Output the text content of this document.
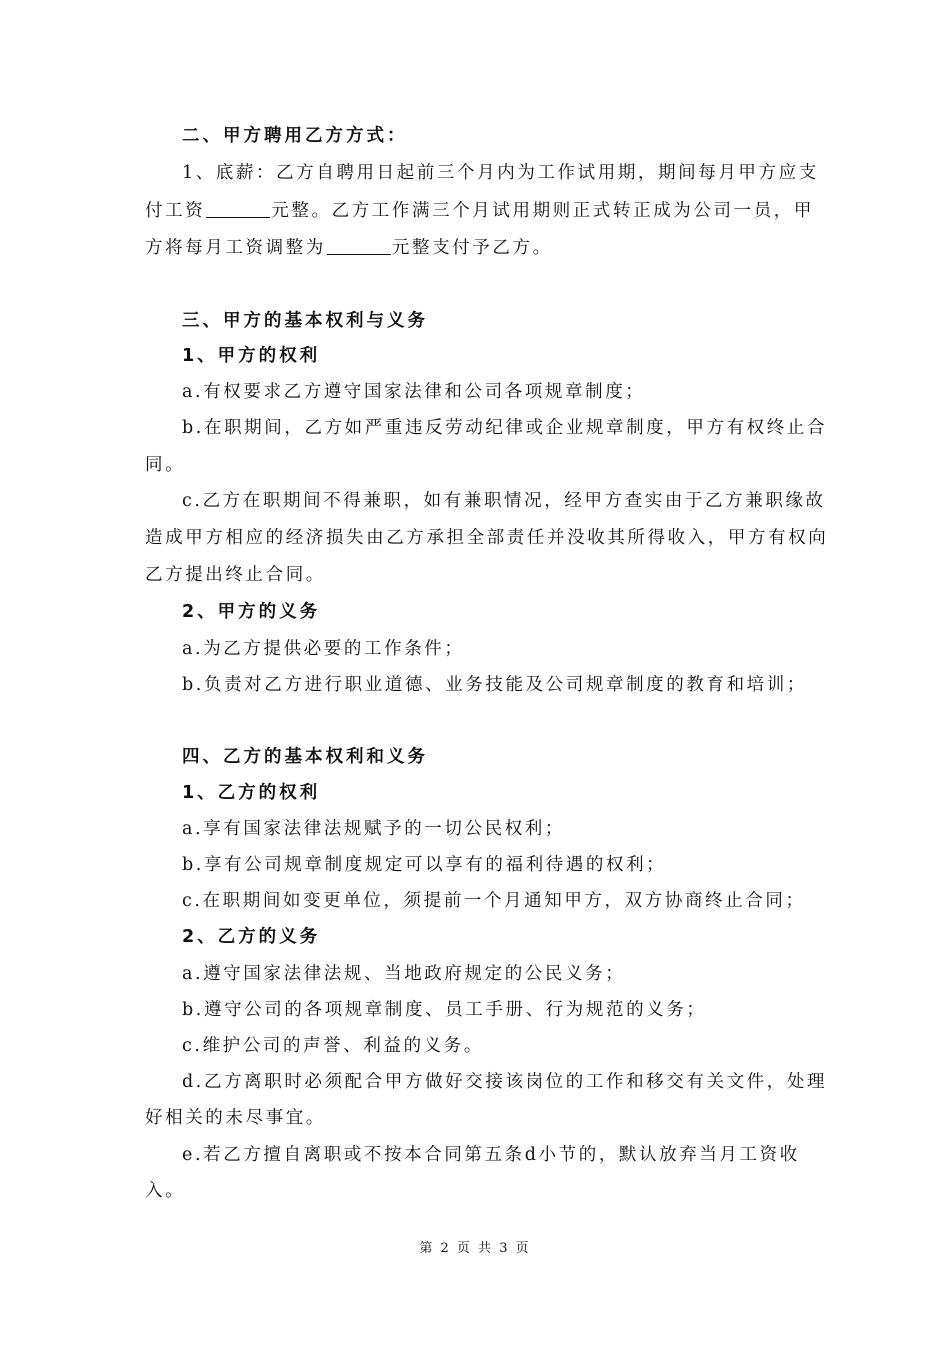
二、甲方聘用乙方方式：
1、底薪：乙方自聘用日起前三个月内为工作试用期，期间每月甲方应支
付工资	元整。乙方工作满三个月试用期则正式转正成为公司一员，甲
方将每月工资调整为	元整支付予乙方。
三、甲方的基本权利与义务
1、甲方的权利
a.有权要求乙方遵守国家法律和公司各项规章制度；
b.在职期间，乙方如严重违反劳动纪律或企业规章制度，甲方有权终止合
同。
c.乙方在职期间不得兼职，如有兼职情况，经甲方查实由于乙方兼职缘故
造成甲方相应的经济损失由乙方承担全部责任并没收其所得收入，甲方有权向
乙方提出终止合同。
2、甲方的义务
a.为乙方提供必要的工作条件；
b.负责对乙方进行职业道德、业务技能及公司规章制度的教育和培训；
四、乙方的基本权利和义务
1、乙方的权利
a.享有国家法律法规赋予的一切公民权利；
b.享有公司规章制度规定可以享有的福利待遇的权利；
c.在职期间如变更单位，须提前一个月通知甲方，双方协商终止合同；
2、乙方的义务
a.遵守国家法律法规、当地政府规定的公民义务；
b.遵守公司的各项规章制度、员工手册、行为规范的义务；
c.维护公司的声誉、利益的义务。
d.乙方离职时必须配合甲方做好交接该岗位的工作和移交有关文件，处理
好相关的未尽事宜。
e.若乙方擅自离职或不按本合同第五条d小节的，默认放弃当月工资收
入。
第 2 页 共 3 页
